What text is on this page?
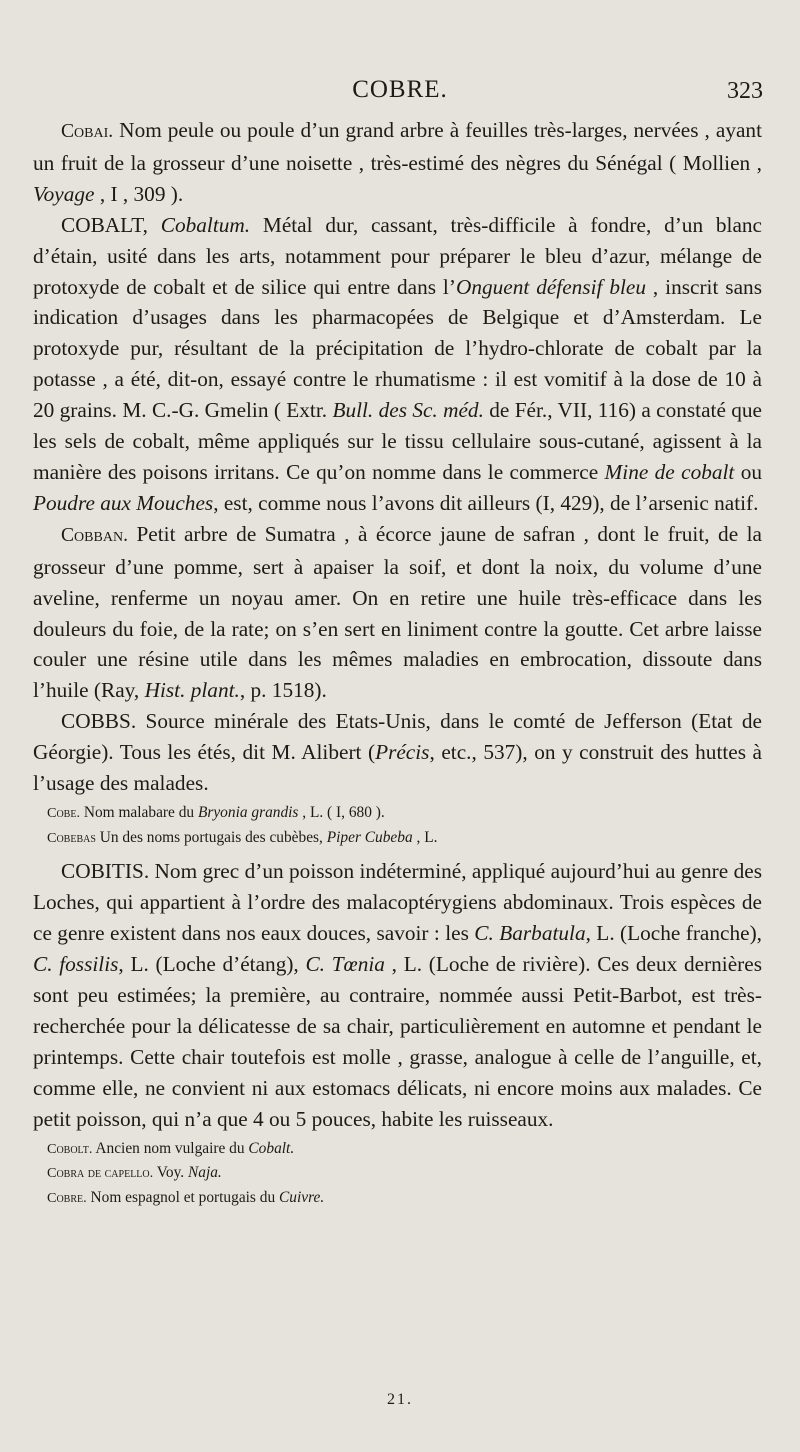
COBRE.	323

Cobai. Nom peule ou poule d’un grand arbre à feuilles très-larges, nervées , ayant un fruit de la grosseur d’une noisette , très-estimé des nègres du Sénégal ( Mollien , Voyage , I , 309 ).

COBALT, Cobaltum. Métal dur, cassant, très-difficile à fondre, d’un blanc d’étain, usité dans les arts, notamment pour préparer le bleu d’azur, mélange de protoxyde de cobalt et de silice qui entre dans l’Onguent défensif bleu , inscrit sans indication d’usages dans les pharmacopées de Belgique et d’Amsterdam. Le protoxyde pur, résultant de la précipitation de l’hydro-chlorate de cobalt par la potasse , a été, dit-on, essayé contre le rhumatisme : il est vomitif à la dose de 10 à 20 grains. M. C.-G. Gmelin ( Extr. Bull. des Sc. méd. de Fér., VII, 116) a constaté que les sels de cobalt, même appliqués sur le tissu cellulaire sous-cutané, agissent à la manière des poisons irritans. Ce qu’on nomme dans le commerce Mine de cobalt ou Poudre aux Mouches, est, comme nous l’avons dit ailleurs (I, 429), de l’arsenic natif.

Cobban. Petit arbre de Sumatra , à écorce jaune de safran , dont le fruit, de la grosseur d’une pomme, sert à apaiser la soif, et dont la noix, du volume d’une aveline, renferme un noyau amer. On en retire une huile très-efficace dans les douleurs du foie, de la rate; on s’en sert en liniment contre la goutte. Cet arbre laisse couler une résine utile dans les mêmes maladies en embrocation, dissoute dans l’huile (Ray, Hist. plant., p. 1518).

COBBS. Source minérale des Etats-Unis, dans le comté de Jefferson (Etat de Géorgie). Tous les étés, dit M. Alibert (Précis, etc., 537), on y construit des huttes à l’usage des malades.

Cobe. Nom malabare du Bryonia grandis , L. ( I, 680 ).

Cobebas Un des noms portugais des cubèbes, Piper Cubeba , L.

COBITIS. Nom grec d’un poisson indéterminé, appliqué aujourd’hui au genre des Loches, qui appartient à l’ordre des malacoptérygiens abdominaux. Trois espèces de ce genre existent dans nos eaux douces, savoir : les C. Barbatula, L. (Loche franche), C. fossilis, L. (Loche d’étang), C. Tœnia , L. (Loche de rivière). Ces deux dernières sont peu estimées; la première, au contraire, nommée aussi Petit-Barbot, est très-recherchée pour la délicatesse de sa chair, particulièrement en automne et pendant le printemps. Cette chair toutefois est molle , grasse, analogue à celle de l’anguille, et, comme elle, ne convient ni aux estomacs délicats, ni encore moins aux malades. Ce petit poisson, qui n’a que 4 ou 5 pouces, habite les ruisseaux.

Cobolt. Ancien nom vulgaire du Cobalt.

Cobra de capello. Voy. Naja.

Cobre. Nom espagnol et portugais du Cuivre.

21.
